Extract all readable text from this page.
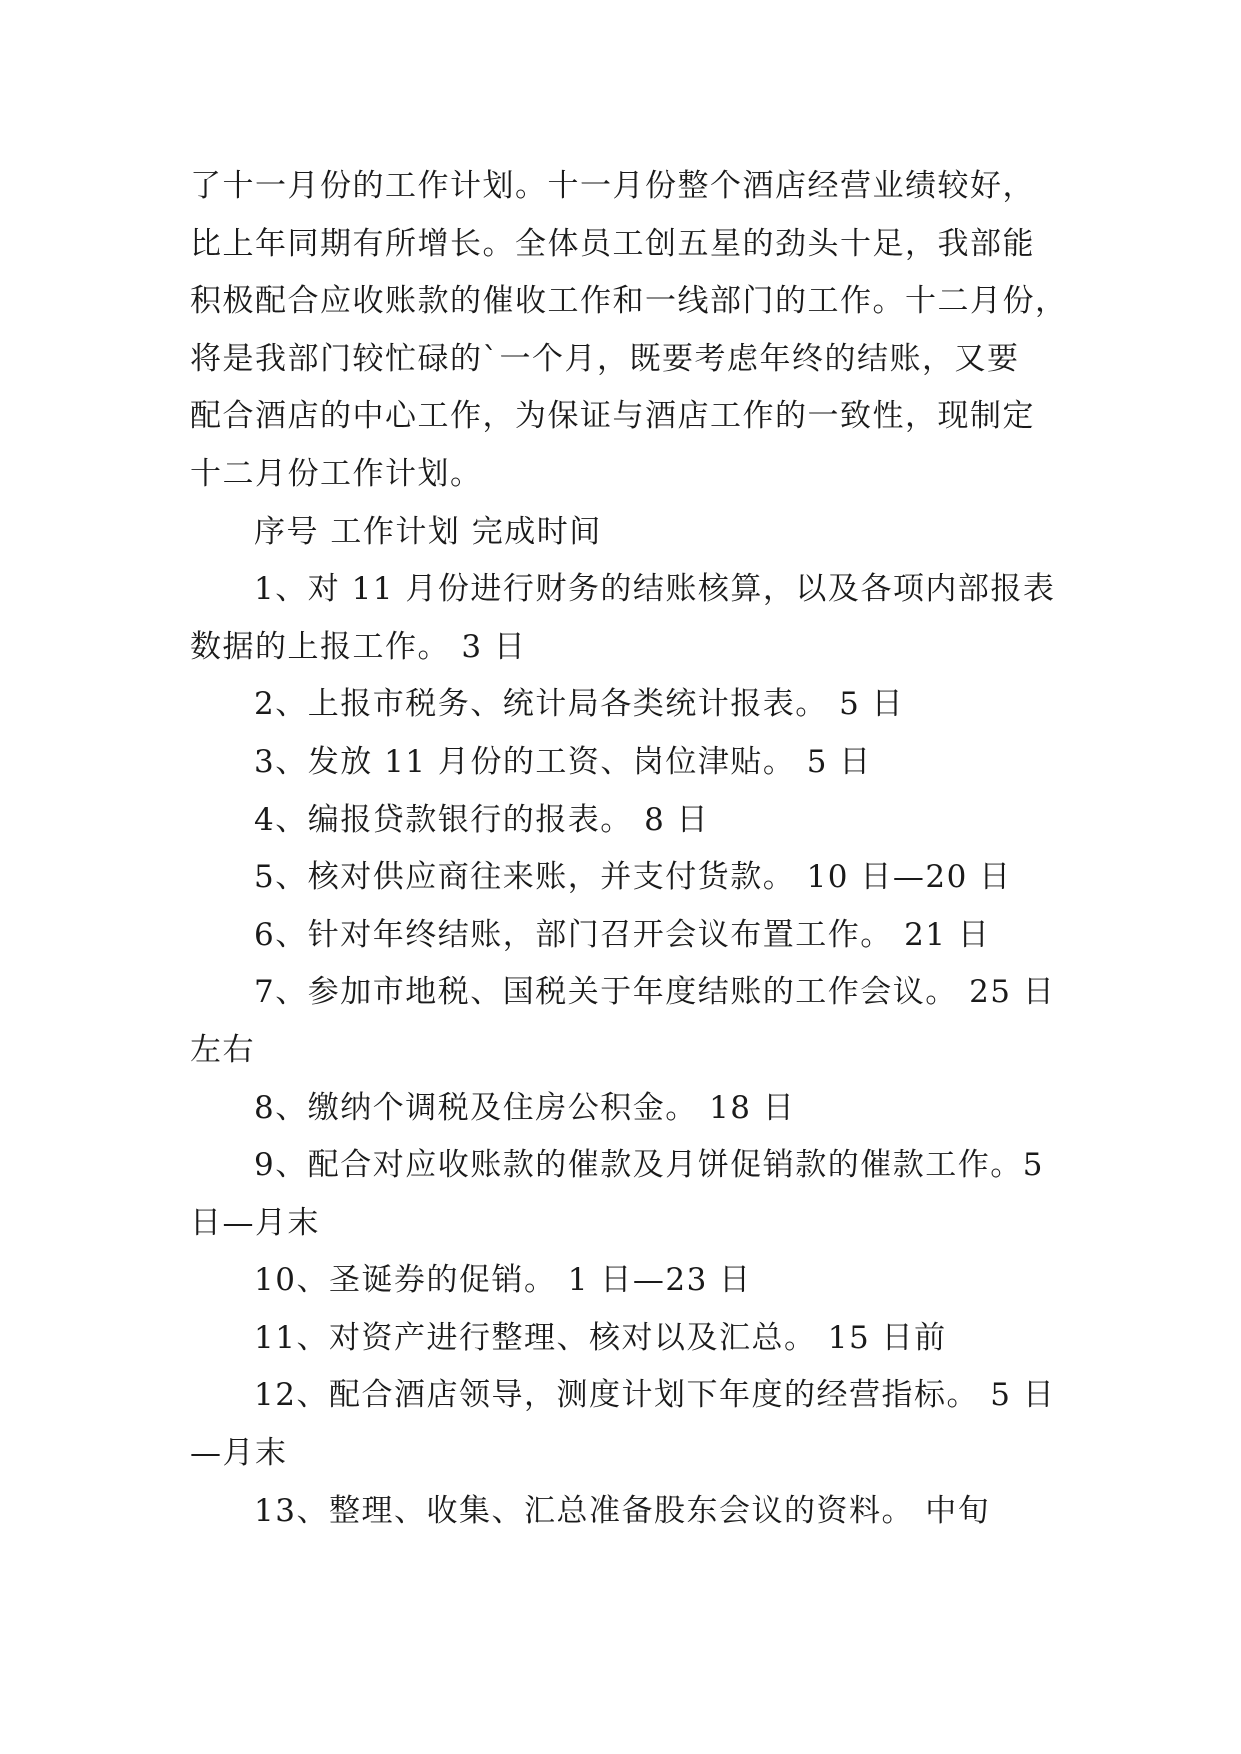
了十一月份的工作计划。十一月份整个酒店经营业绩较好，
比上年同期有所增长。全体员工创五星的劲头十足，我部能
积极配合应收账款的催收工作和一线部门的工作。十二月份，
将是我部门较忙碌的`一个月，既要考虑年终的结账，又要
配合酒店的中心工作，为保证与酒店工作的一致性，现制定
十二月份工作计划。
序号 工作计划 完成时间
1、对 11 月份进行财务的结账核算，以及各项内部报表
数据的上报工作。 3 日
2、上报市税务、统计局各类统计报表。 5 日
3、发放 11 月份的工资、岗位津贴。 5 日
4、编报贷款银行的报表。 8 日
5、核对供应商往来账，并支付货款。 10 日—20 日
6、针对年终结账，部门召开会议布置工作。 21 日
7、参加市地税、国税关于年度结账的工作会议。 25 日
左右
8、缴纳个调税及住房公积金。 18 日
9、配合对应收账款的催款及月饼促销款的催款工作。5
日—月末
10、圣诞券的促销。 1 日—23 日
11、对资产进行整理、核对以及汇总。 15 日前
12、配合酒店领导，测度计划下年度的经营指标。 5 日
—月末
13、整理、收集、汇总准备股东会议的资料。 中旬
